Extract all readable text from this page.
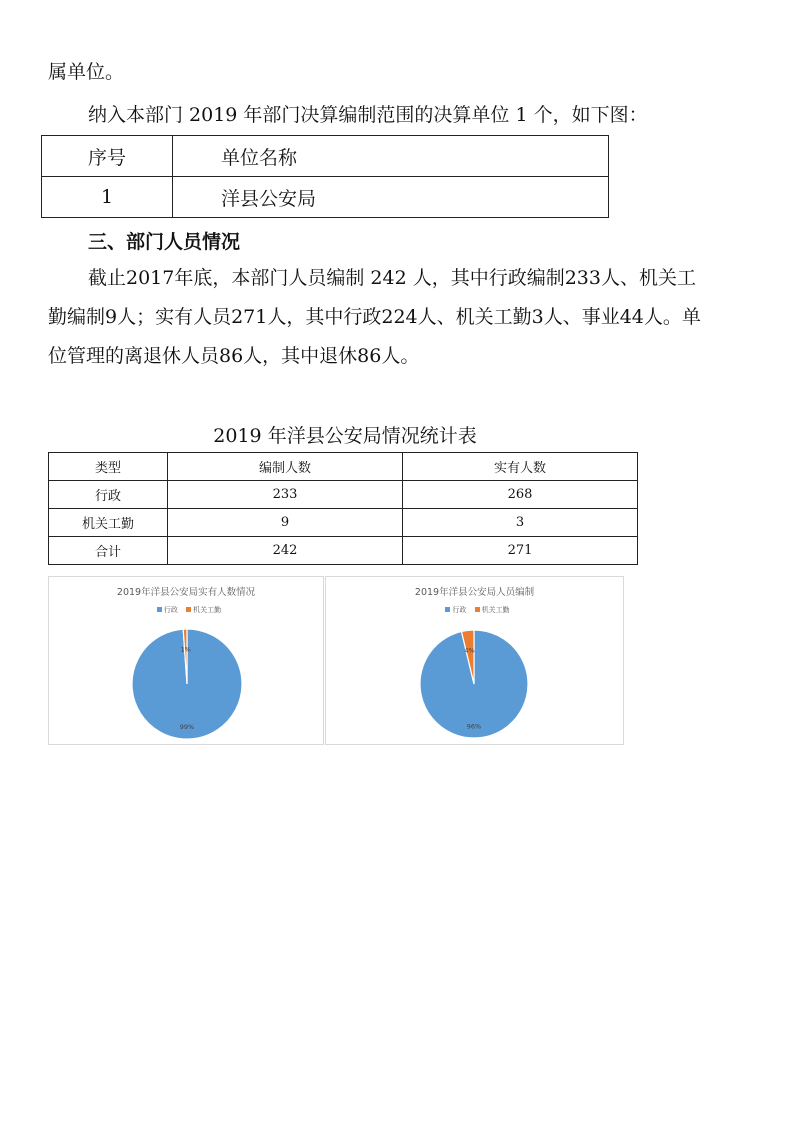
属单位。
纳入本部门 2019 年部门决算编制范围的决算单位 1 个，如下图：
序号	单位名称
1	洋县公安局
三、部门人员情况
截止2017年底，本部门人员编制 242 人，其中行政编制233人、机关工
勤编制9人；实有人员271人，其中行政224人、机关工勤3人、事业44人。单
位管理的离退休人员86人，其中退休86人。
2019 年洋县公安局情况统计表
类型	编制人数	实有人数
行政	233	268
机关工勤	9	3
合计	242	271
2019年洋县公安局实有人数情况
行政 机关工勤
99%
1%
2019年洋县公安局人员编制
行政 机关工勤
96%
4%
